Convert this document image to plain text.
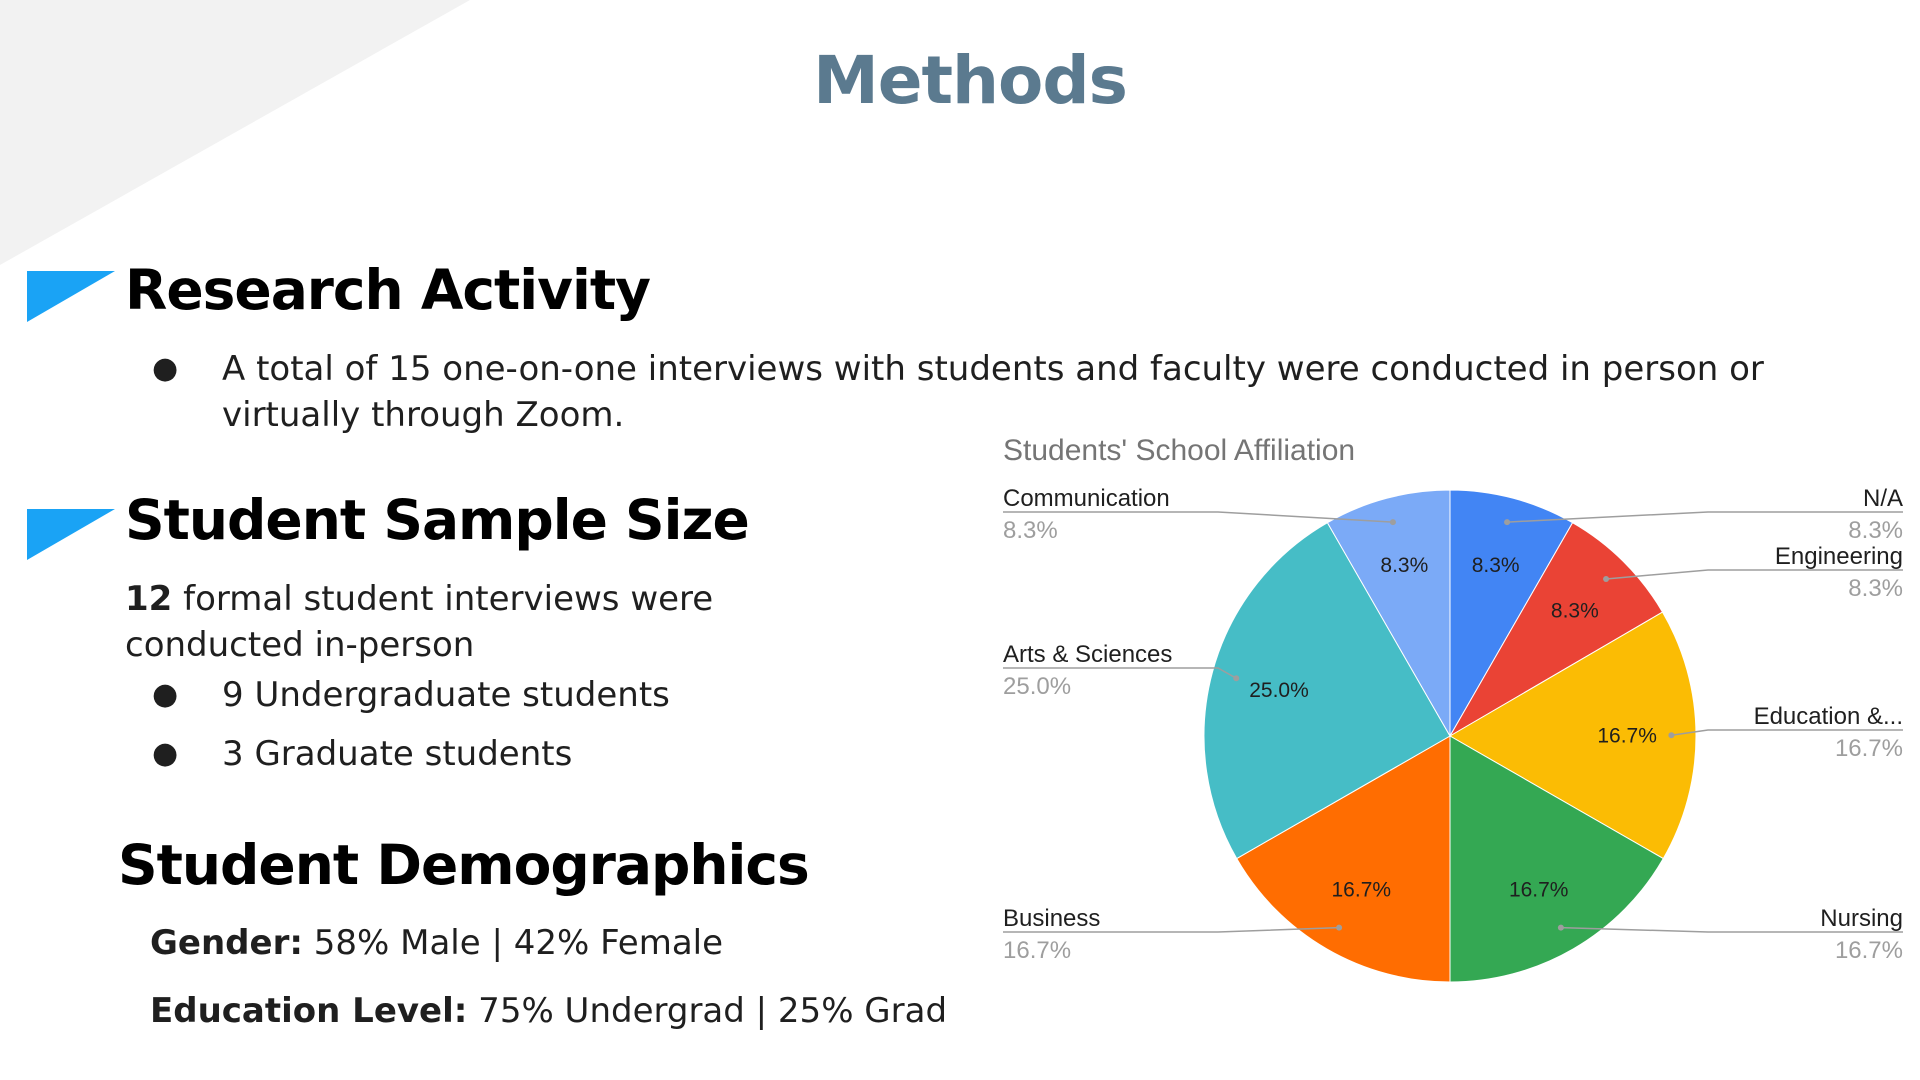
Methods
Research Activity
● A total of 15 one-on-one interviews with students and faculty were conducted in person or
virtually through Zoom.
Student Sample Size
12 formal student interviews were
conducted in-person
● 9 Undergraduate students
● 3 Graduate students
Student Demographics
Gender: 58% Male | 42% Female
Education Level: 75% Undergrad | 25% Grad
Students' School Affiliation
8.3%
8.3%
16.7%
16.7%
16.7%
25.0%
8.3%
N/A
8.3%
Engineering
8.3%
Education &...
16.7%
Nursing
16.7%
Business
16.7%
Arts & Sciences
25.0%
Communication
8.3%
